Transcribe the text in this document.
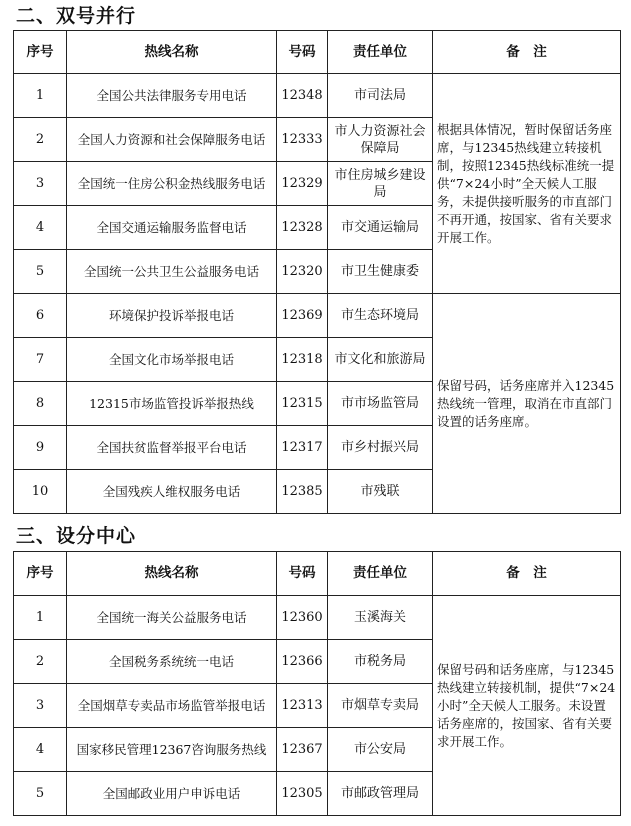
二、双号并行
序号	热线名称	号码	责任单位	备　注
1	全国公共法律服务专用电话	12348	市司法局	根据具体情况，暂时保留话务座席，与12345热线建立转接机制，按照12345热线标准统一提供“7×24小时”全天候人工服务，未提供接听服务的市直部门不再开通，按国家、省有关要求开展工作。
2	全国人力资源和社会保障服务电话	12333	市人力资源社会保障局	
3	全国统一住房公积金热线服务电话	12329	市住房城乡建设局	
4	全国交通运输服务监督电话	12328	市交通运输局	
5	全国统一公共卫生公益服务电话	12320	市卫生健康委	
6	环境保护投诉举报电话	12369	市生态环境局	保留号码，话务座席并入12345热线统一管理，取消在市直部门设置的话务座席。
7	全国文化市场举报电话	12318	市文化和旅游局	
8	12315市场监管投诉举报热线	12315	市市场监管局	
9	全国扶贫监督举报平台电话	12317	市乡村振兴局	
10	全国残疾人维权服务电话	12385	市残联	
三、设分中心
序号	热线名称	号码	责任单位	备　注
1	全国统一海关公益服务电话	12360	玉溪海关	保留号码和话务座席，与12345热线建立转接机制，提供“7×24小时”全天候人工服务。未设置话务座席的，按国家、省有关要求开展工作。
2	全国税务系统统一电话	12366	市税务局	
3	全国烟草专卖品市场监管举报电话	12313	市烟草专卖局	
4	国家移民管理12367咨询服务热线	12367	市公安局	
5	全国邮政业用户申诉电话	12305	市邮政管理局	
